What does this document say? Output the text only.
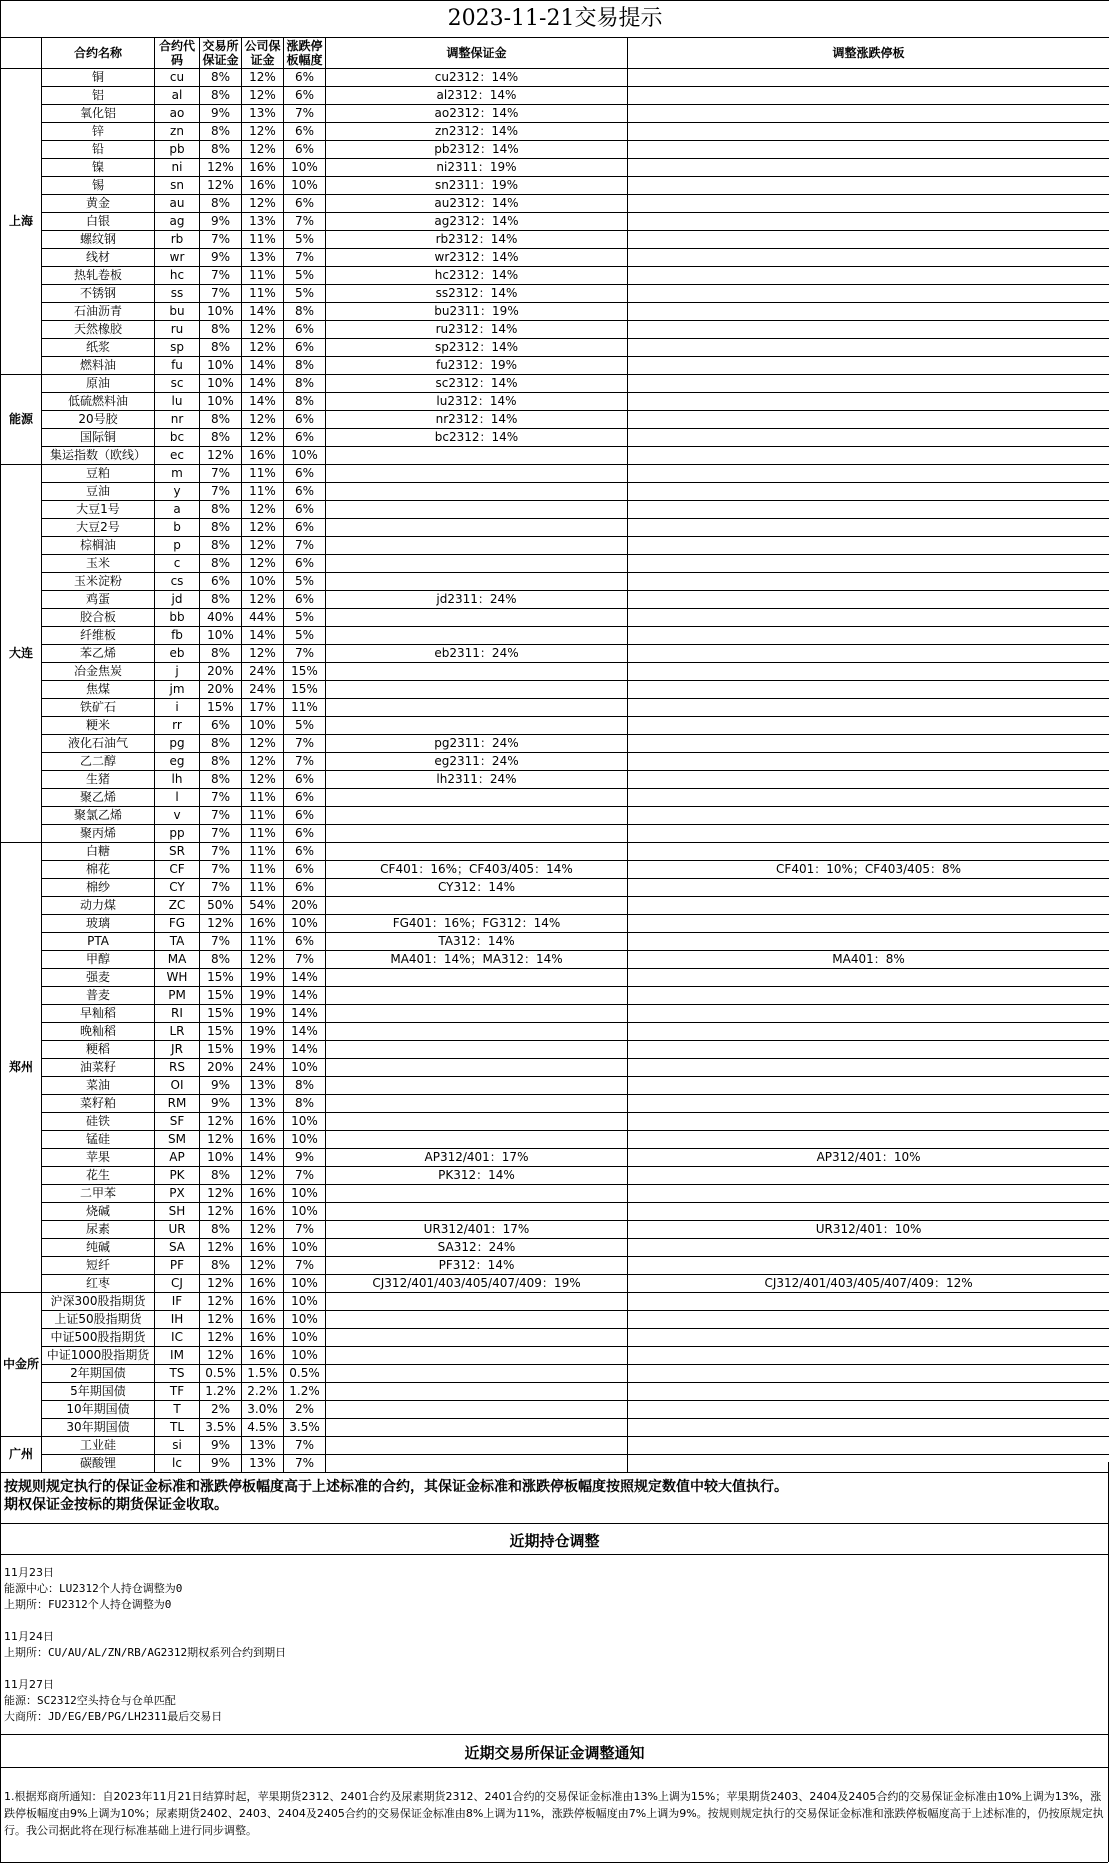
2023-11-21交易提示							
	合约名称	合约代码	交易所保证金	公司保证金	涨跌停板幅度	调整保证金	调整涨跌停板
上海	铜	cu	8%	12%	6%	cu2312：14%	
	铝	al	8%	12%	6%	al2312：14%	
	氧化铝	ao	9%	13%	7%	ao2312：14%	
	锌	zn	8%	12%	6%	zn2312：14%	
	铅	pb	8%	12%	6%	pb2312：14%	
	镍	ni	12%	16%	10%	ni2311：19%	
	锡	sn	12%	16%	10%	sn2311：19%	
	黄金	au	8%	12%	6%	au2312：14%	
	白银	ag	9%	13%	7%	ag2312：14%	
	螺纹钢	rb	7%	11%	5%	rb2312：14%	
	线材	wr	9%	13%	7%	wr2312：14%	
	热轧卷板	hc	7%	11%	5%	hc2312：14%	
	不锈钢	ss	7%	11%	5%	ss2312：14%	
	石油沥青	bu	10%	14%	8%	bu2311：19%	
	天然橡胶	ru	8%	12%	6%	ru2312：14%	
	纸浆	sp	8%	12%	6%	sp2312：14%	
	燃料油	fu	10%	14%	8%	fu2312：19%	
能源	原油	sc	10%	14%	8%	sc2312：14%	
	低硫燃料油	lu	10%	14%	8%	lu2312：14%	
	20号胶	nr	8%	12%	6%	nr2312：14%	
	国际铜	bc	8%	12%	6%	bc2312：14%	
	集运指数（欧线）	ec	12%	16%	10%		
大连	豆粕	m	7%	11%	6%		
	豆油	y	7%	11%	6%		
	大豆1号	a	8%	12%	6%		
	大豆2号	b	8%	12%	6%		
	棕榈油	p	8%	12%	7%		
	玉米	c	8%	12%	6%		
	玉米淀粉	cs	6%	10%	5%		
	鸡蛋	jd	8%	12%	6%	jd2311：24%	
	胶合板	bb	40%	44%	5%		
	纤维板	fb	10%	14%	5%		
	苯乙烯	eb	8%	12%	7%	eb2311：24%	
	冶金焦炭	j	20%	24%	15%		
	焦煤	jm	20%	24%	15%		
	铁矿石	i	15%	17%	11%		
	粳米	rr	6%	10%	5%		
	液化石油气	pg	8%	12%	7%	pg2311：24%	
	乙二醇	eg	8%	12%	7%	eg2311：24%	
	生猪	lh	8%	12%	6%	lh2311：24%	
	聚乙烯	l	7%	11%	6%		
	聚氯乙烯	v	7%	11%	6%		
	聚丙烯	pp	7%	11%	6%		
郑州	白糖	SR	7%	11%	6%		
	棉花	CF	7%	11%	6%	CF401：16%；CF403/405：14%	CF401：10%；CF403/405：8%
	棉纱	CY	7%	11%	6%	CY312：14%	
	动力煤	ZC	50%	54%	20%		
	玻璃	FG	12%	16%	10%	FG401：16%；FG312：14%	
	PTA	TA	7%	11%	6%	TA312：14%	
	甲醇	MA	8%	12%	7%	MA401：14%；MA312：14%	MA401：8%
	强麦	WH	15%	19%	14%		
	普麦	PM	15%	19%	14%		
	早籼稻	RI	15%	19%	14%		
	晚籼稻	LR	15%	19%	14%		
	粳稻	JR	15%	19%	14%		
	油菜籽	RS	20%	24%	10%		
	菜油	OI	9%	13%	8%		
	菜籽粕	RM	9%	13%	8%		
	硅铁	SF	12%	16%	10%		
	锰硅	SM	12%	16%	10%		
	苹果	AP	10%	14%	9%	AP312/401：17%	AP312/401：10%
	花生	PK	8%	12%	7%	PK312：14%	
	二甲苯	PX	12%	16%	10%		
	烧碱	SH	12%	16%	10%		
	尿素	UR	8%	12%	7%	UR312/401：17%	UR312/401：10%
	纯碱	SA	12%	16%	10%	SA312：24%	
	短纤	PF	8%	12%	7%	PF312：14%	
	红枣	CJ	12%	16%	10%	CJ312/401/403/405/407/409：19%	CJ312/401/403/405/407/409：12%
中金所	沪深300股指期货	IF	12%	16%	10%		
	上证50股指期货	IH	12%	16%	10%		
	中证500股指期货	IC	12%	16%	10%		
	中证1000股指期货	IM	12%	16%	10%		
	2年期国债	TS	0.5%	1.5%	0.5%		
	5年期国债	TF	1.2%	2.2%	1.2%		
	10年期国债	T	2%	3.0%	2%		
	30年期国债	TL	3.5%	4.5%	3.5%		
广州	工业硅	si	9%	13%	7%		
	碳酸锂	lc	9%	13%	7%		
按规则规定执行的保证金标准和涨跌停板幅度高于上述标准的合约，其保证金标准和涨跌停板幅度按照规定数值中较大值执行。
期权保证金按标的期货保证金收取。
近期持仓调整
11月23日
能源中心：LU2312个人持仓调整为0
上期所：FU2312个人持仓调整为0
11月24日
上期所：CU/AU/AL/ZN/RB/AG2312期权系列合约到期日
11月27日
能源：SC2312空头持仓与仓单匹配
大商所：JD/EG/EB/PG/LH2311最后交易日
近期交易所保证金调整通知
1.根据郑商所通知：自2023年11月21日结算时起，苹果期货2312、2401合约及尿素期货2312、2401合约的交易保证金标准由13%上调为15%；苹果期货2403、2404及2405合约的交易保证金标准由10%上调为13%，涨跌停板幅度由9%上调为10%；尿素期货2402、2403、2404及2405合约的交易保证金标准由8%上调为11%，涨跌停板幅度由7%上调为9%。按规则规定执行的交易保证金标准和涨跌停板幅度高于上述标准的，仍按原规定执行。我公司据此将在现行标准基础上进行同步调整。
